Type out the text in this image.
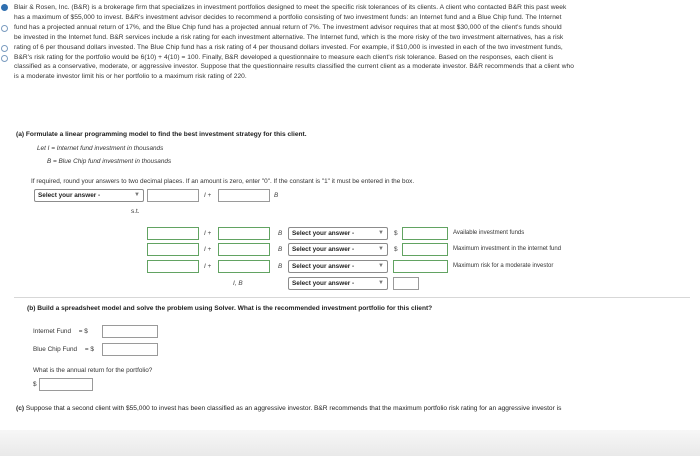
Blair & Rosen, Inc. (B&R) is a brokerage firm that specializes in investment portfolios designed to meet the specific risk tolerances of its clients. A client who contacted B&R this past week

has a maximum of $55,000 to invest. B&R's investment advisor decides to recommend a portfolio consisting of two investment funds: an Internet fund and a Blue Chip fund. The Internet

fund has a projected annual return of 17%, and the Blue Chip fund has a projected annual return of 7%. The investment advisor requires that at most $30,000 of the client's funds should

be invested in the Internet fund. B&R services include a risk rating for each investment alternative. The Internet fund, which is the more risky of the two investment alternatives, has a risk

rating of 6 per thousand dollars invested. The Blue Chip fund has a risk rating of 4 per thousand dollars invested. For example, if $10,000 is invested in each of the two investment funds,

B&R's risk rating for the portfolio would be 6(10) + 4(10) = 100. Finally, B&R developed a questionnaire to measure each client's risk tolerance. Based on the responses, each client is

classified as a conservative, moderate, or aggressive investor. Suppose that the questionnaire results classified the current client as a moderate investor. B&R recommends that a client who

is a moderate investor limit his or her portfolio to a maximum risk rating of 220.

(a) Formulate a linear programming model to find the best investment strategy for this client.
Let I = Internet fund investment in thousands
B = Blue Chip fund investment in thousands
If required, round your answers to two decimal places. If an amount is zero, enter "0". If the constant is "1" it must be entered in the box.
Select your answer -	▼	I +	B
s.t.
I +	B Select your answer -	▼ $	Available investment funds
I +	B Select your answer -	▼ $	Maximum investment in the internet fund
I +	B Select your answer -	▼	Maximum risk for a moderate investor
I, B	Select your answer -	▼
(b) Build a spreadsheet model and solve the problem using Solver. What is the recommended investment portfolio for this client?
Internet Fund = $
Blue Chip Fund = $
What is the annual return for the portfolio?
$
(c) Suppose that a second client with $55,000 to invest has been classified as an aggressive investor. B&R recommends that the maximum portfolio risk rating for an aggressive investor is
